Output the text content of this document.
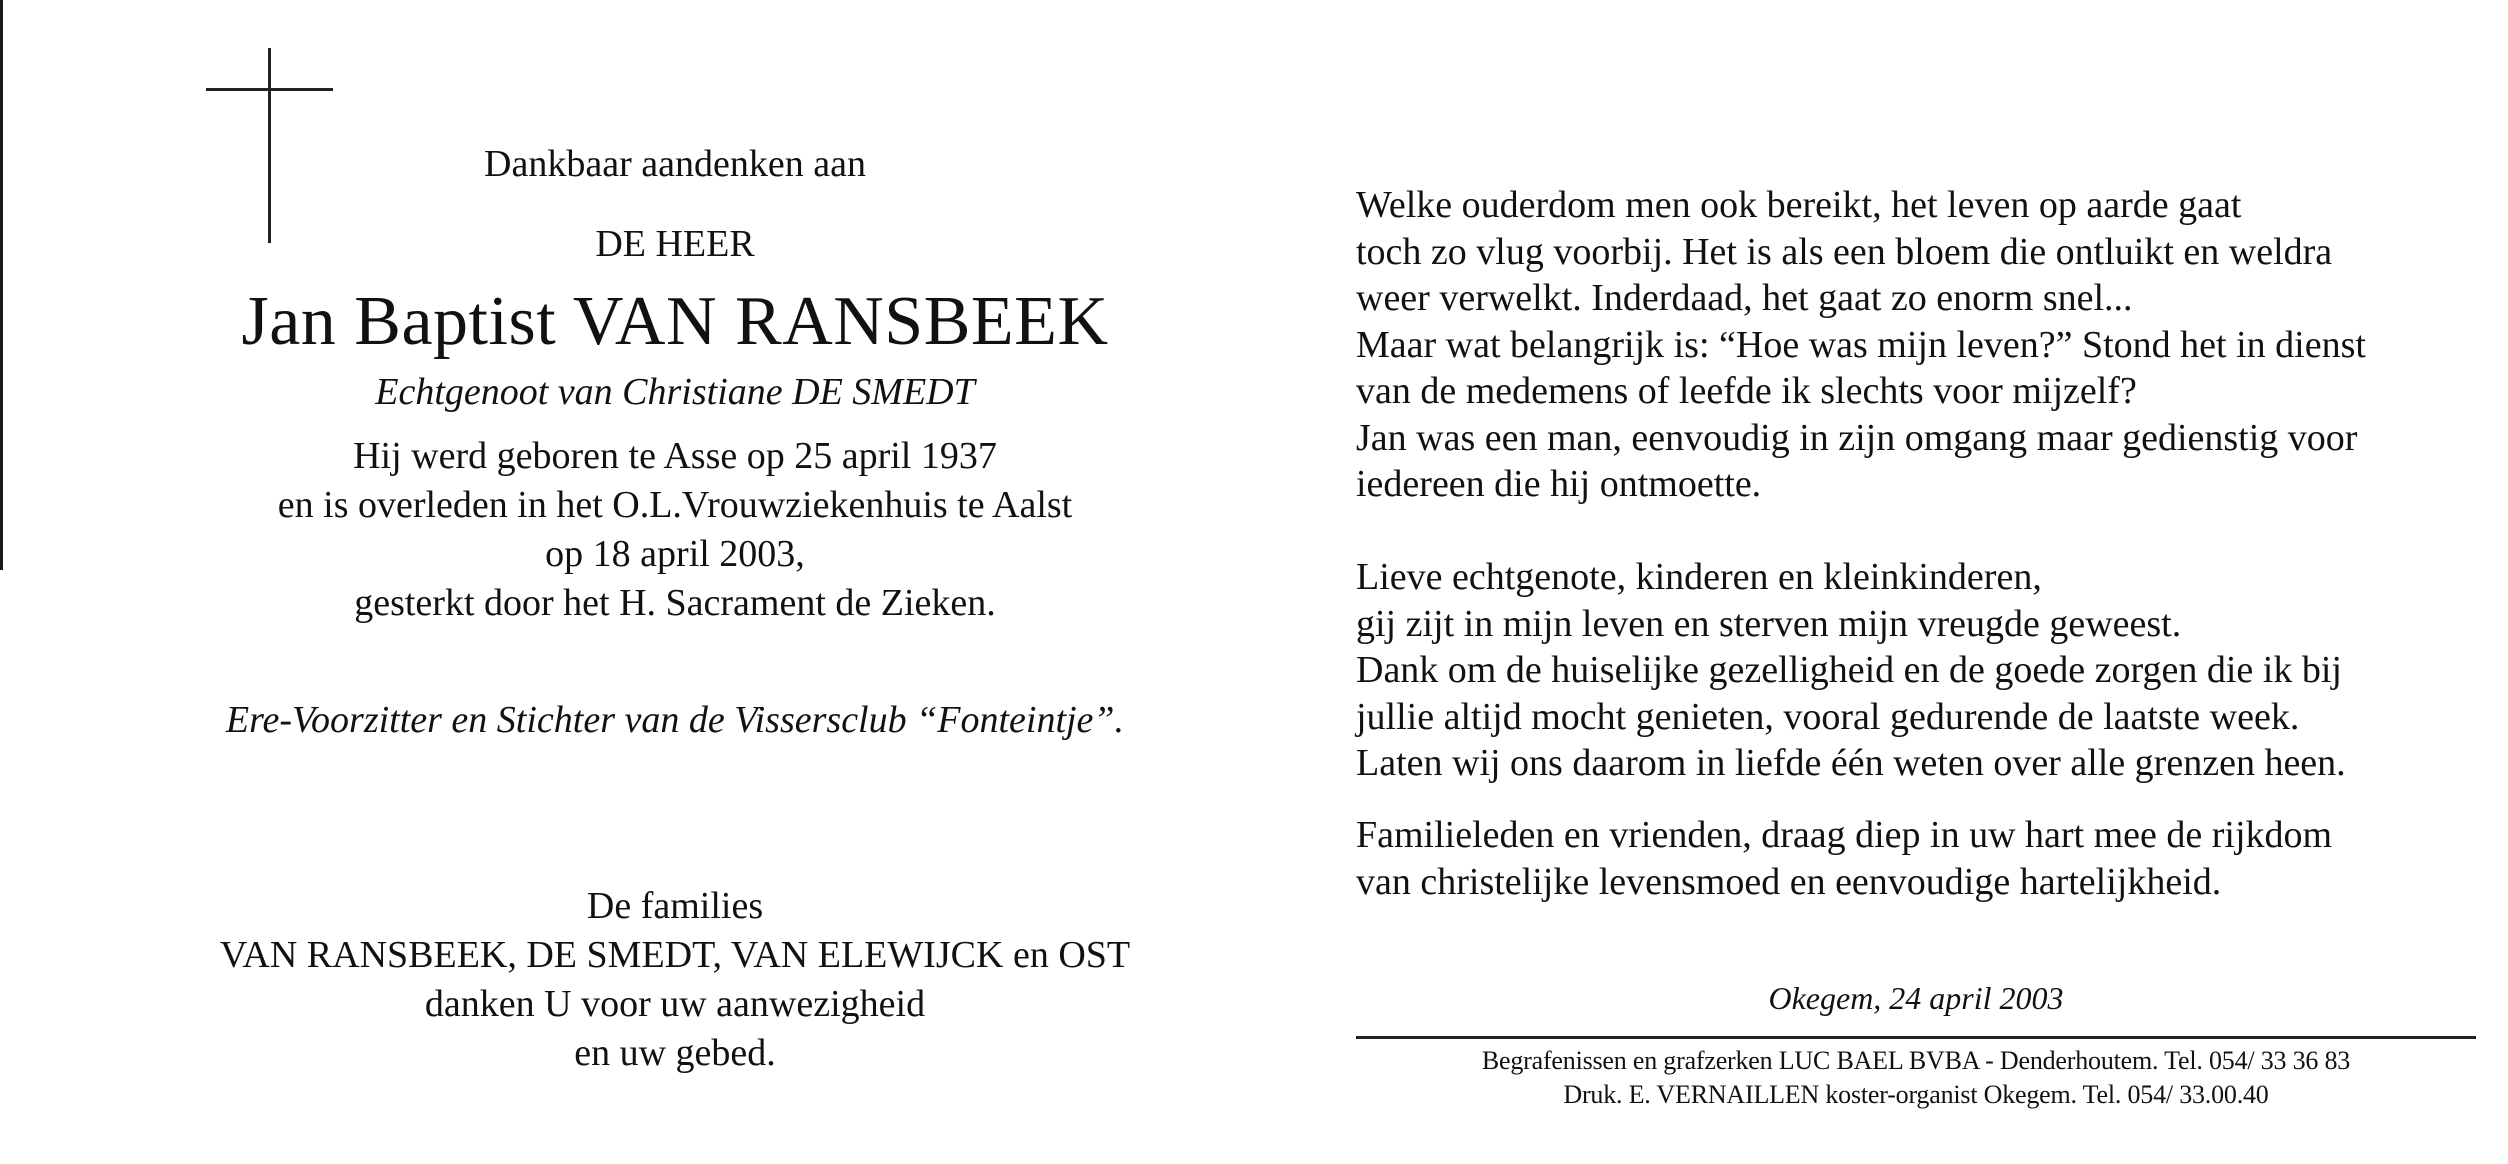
Dankbaar aandenken aan
DE HEER
Jan Baptist VAN RANSBEEK
Echtgenoot van Christiane DE SMEDT
Hij werd geboren te Asse op 25 april 1937
en is overleden in het O.L.Vrouwziekenhuis te Aalst
op 18 april 2003,
gesterkt door het H. Sacrament de Zieken.
Ere-Voorzitter en Stichter van de Vissersclub “Fonteintje”.
De families
VAN RANSBEEK, DE SMEDT, VAN ELEWIJCK en OST
danken U voor uw aanwezigheid
en uw gebed.
Welke ouderdom men ook bereikt, het leven op aarde gaat
toch zo vlug voorbij. Het is als een bloem die ontluikt en weldra
weer verwelkt. Inderdaad, het gaat zo enorm snel...
Maar wat belangrijk is: “Hoe was mijn leven?” Stond het in dienst
van de medemens of leefde ik slechts voor mijzelf?
Jan was een man, eenvoudig in zijn omgang maar gedienstig voor
iedereen die hij ontmoette.
Lieve echtgenote, kinderen en kleinkinderen,
gij zijt in mijn leven en sterven mijn vreugde geweest.
Dank om de huiselijke gezelligheid en de goede zorgen die ik bij
jullie altijd mocht genieten, vooral gedurende de laatste week.
Laten wij ons daarom in liefde één weten over alle grenzen heen.
Familieleden en vrienden, draag diep in uw hart mee de rijkdom
van christelijke levensmoed en eenvoudige hartelijkheid.
Okegem, 24 april 2003
Begrafenissen en grafzerken LUC BAEL BVBA - Denderhoutem. Tel. 054/ 33 36 83
Druk. E. VERNAILLEN koster-organist Okegem. Tel. 054/ 33.00.40
